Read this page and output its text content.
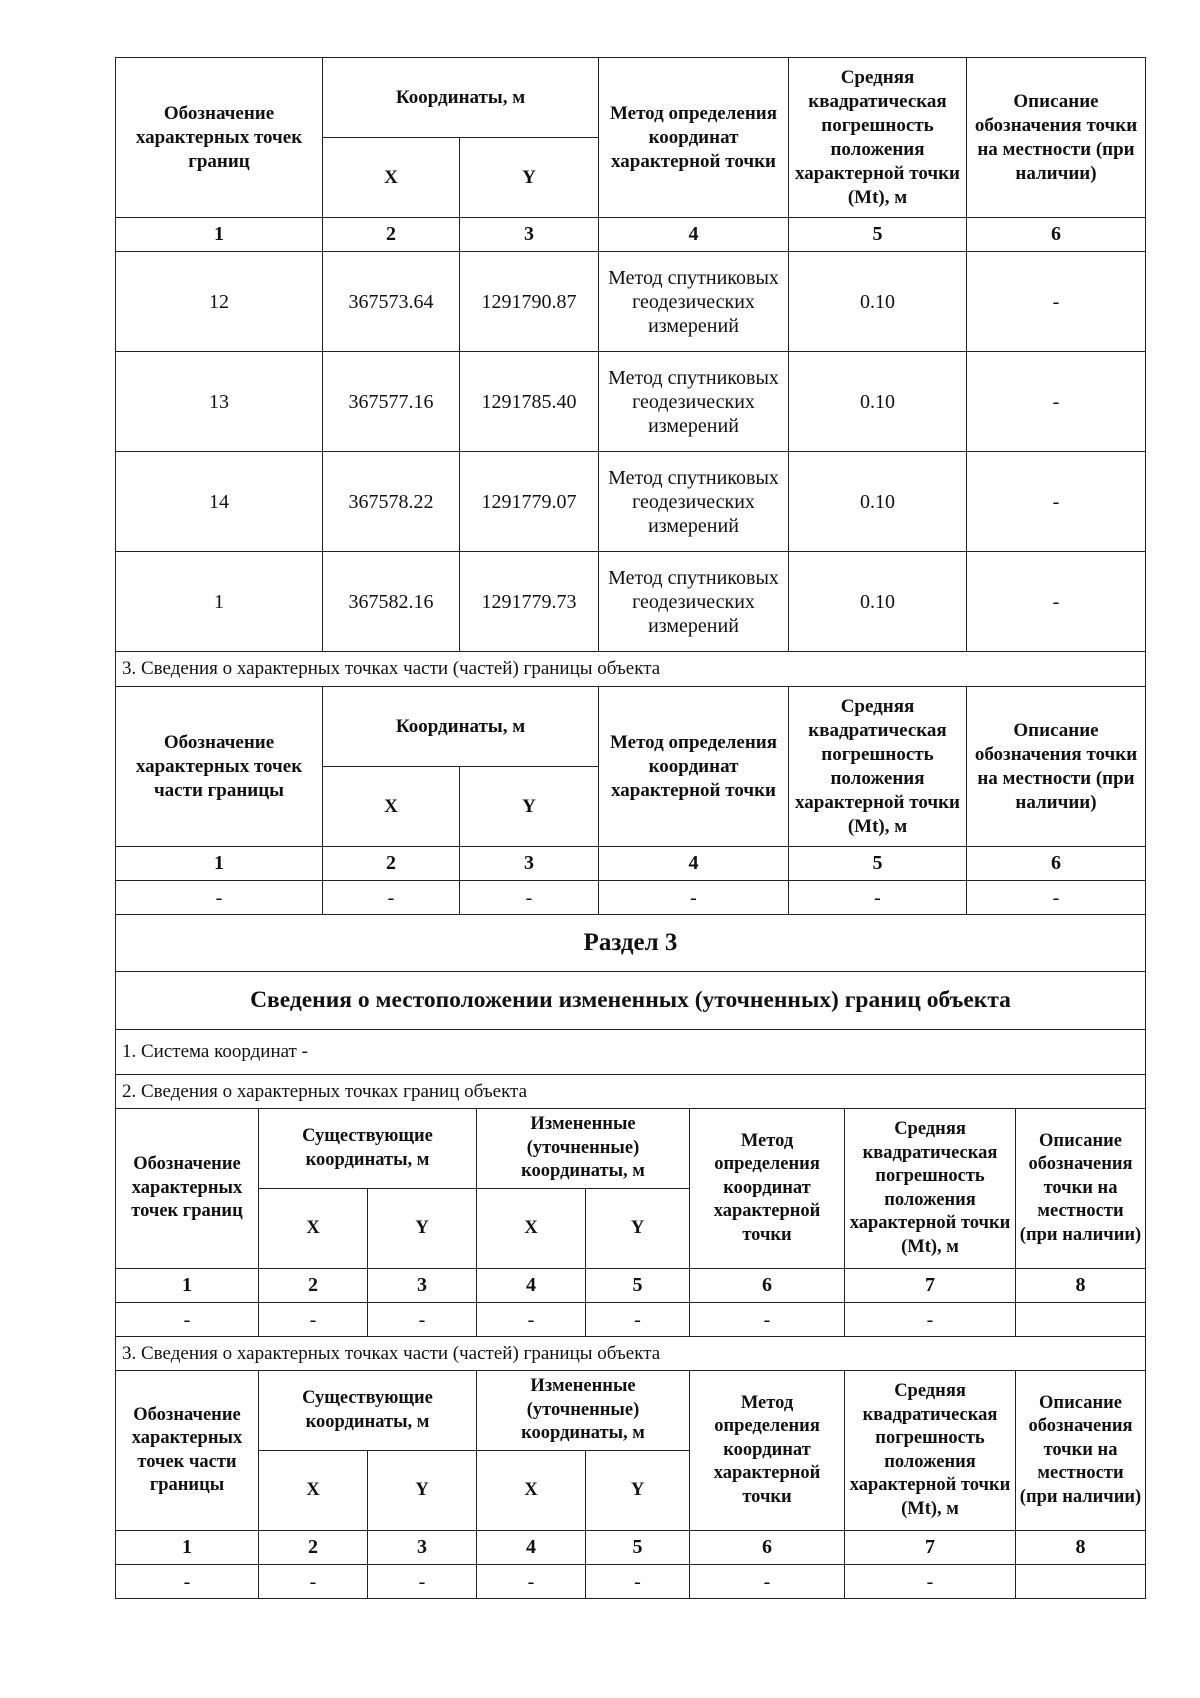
Обозначение характерных точек границ	Координаты, м		Метод определения координат характерной точки	Средняя квадратическая погрешность положения характерной точки (Mt), м	Описание обозначения точки на местности (при наличии)
	X	Y			
1	2	3	4	5	6
12	367573.64	1291790.87	Метод спутниковых геодезических измерений	0.10	-
13	367577.16	1291785.40	Метод спутниковых геодезических измерений	0.10	-
14	367578.22	1291779.07	Метод спутниковых геодезических измерений	0.10	-
1	367582.16	1291779.73	Метод спутниковых геодезических измерений	0.10	-
3. Сведения о характерных точках части (частей) границы объекта					
Обозначение характерных точек части границы	Координаты, м		Метод определения координат характерной точки	Средняя квадратическая погрешность положения характерной точки (Mt), м	Описание обозначения точки на местности (при наличии)
	X	Y			
1	2	3	4	5	6
-	-	-	-	-	-
Раздел 3					
Сведения о местоположении измененных (уточненных) границ объекта					
1. Система координат -					
2. Сведения о характерных точках границ объекта					
Обозначение характерных точек границ	Существующие координаты, м		Измененные (уточненные) координаты, м		Метод определения координат характерной точки	Средняя квадратическая погрешность положения характерной точки (Mt), м	Описание обозначения точки на местности (при наличии)
	X	Y	X	Y			
1	2	3	4	5	6	7	8
-	-	-	-	-	-	-	
3. Сведения о характерных точках части (частей) границы объекта							
Обозначение характерных точек части границы	Существующие координаты, м		Измененные (уточненные) координаты, м		Метод определения координат характерной точки	Средняя квадратическая погрешность положения характерной точки (Mt), м	Описание обозначения точки на местности (при наличии)
	X	Y	X	Y			
1	2	3	4	5	6	7	8
-	-	-	-	-	-	-	
